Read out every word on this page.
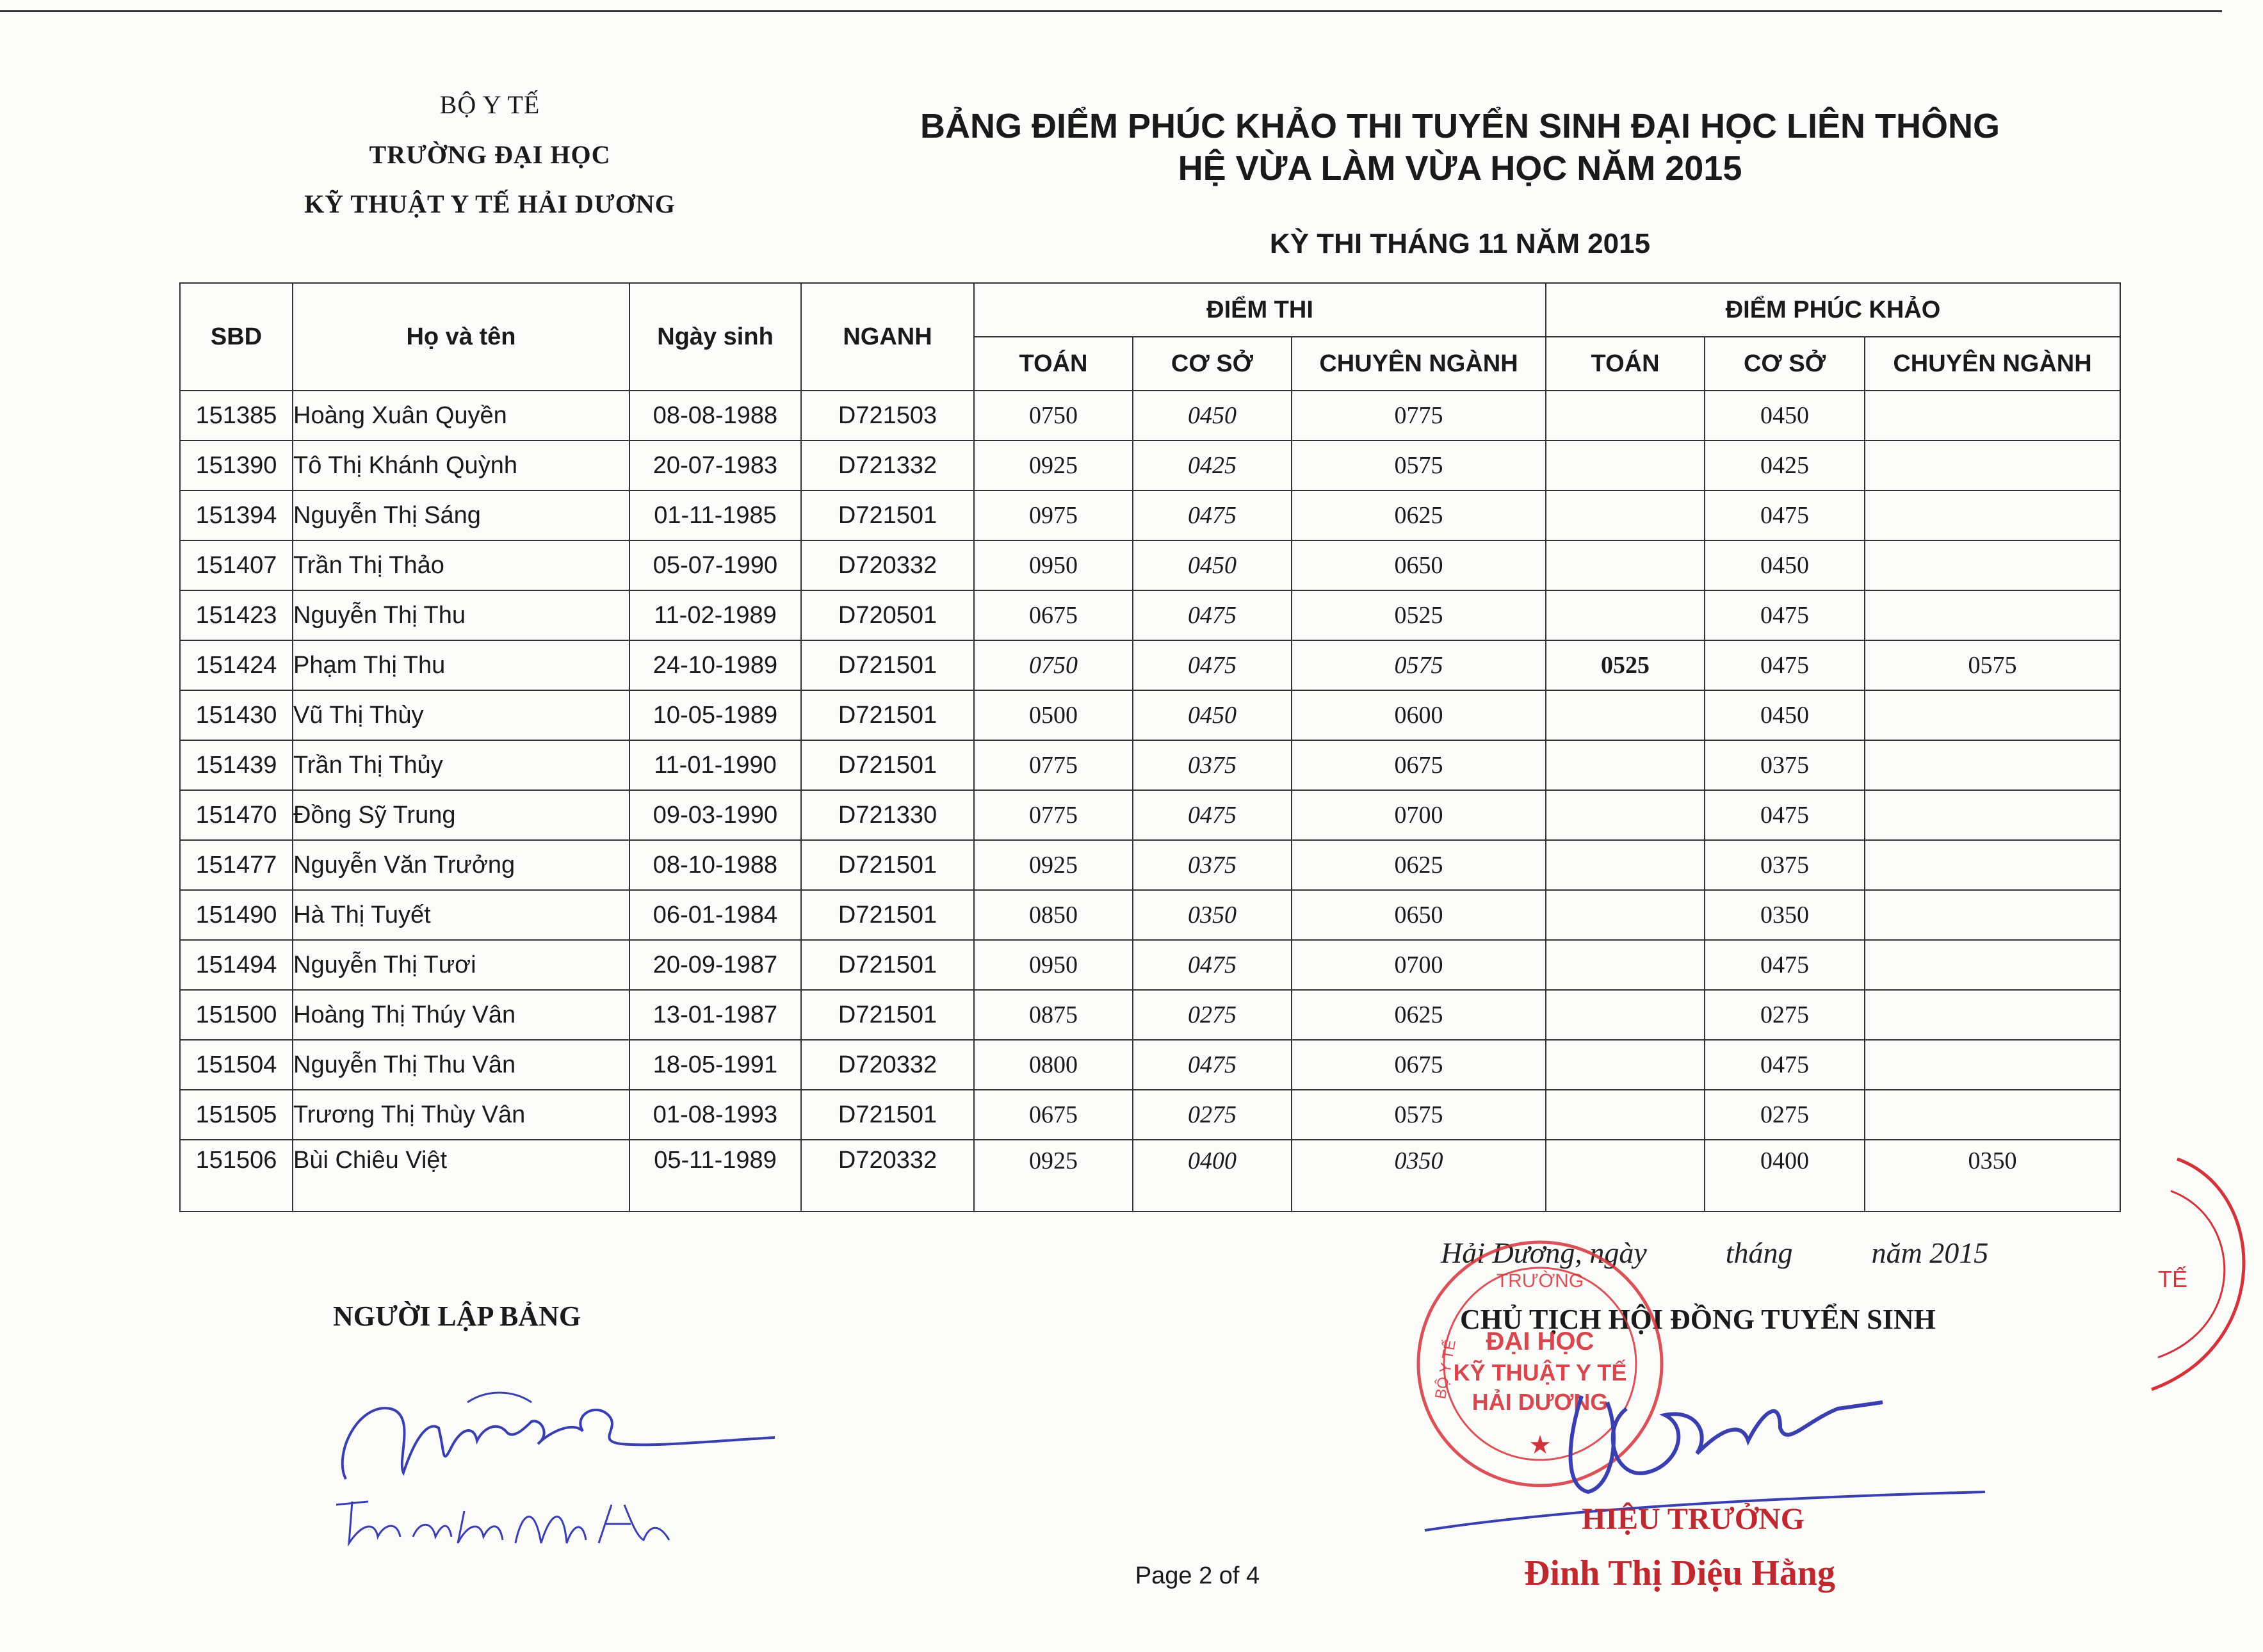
BỘ Y TẾ
TRƯỜNG ĐẠI HỌC
KỸ THUẬT Y TẾ HẢI DƯƠNG
BẢNG ĐIỂM PHÚC KHẢO THI TUYỂN SINH ĐẠI HỌC LIÊN THÔNG
HỆ VỪA LÀM VỪA HỌC NĂM 2015
KỲ THI THÁNG 11 NĂM 2015
SBD	Họ và tên	Ngày sinh	NGANH	ĐIỂM THI			ĐIỂM PHÚC KHẢO		
				TOÁN	CƠ SỞ	CHUYÊN NGÀNH	TOÁN	CƠ SỞ	CHUYÊN NGÀNH
151385	Hoàng Xuân Quyền	08-08-1988	D721503	0750	0450	0775		0450	
151390	Tô Thị Khánh Quỳnh	20-07-1983	D721332	0925	0425	0575		0425	
151394	Nguyễn Thị Sáng	01-11-1985	D721501	0975	0475	0625		0475	
151407	Trần Thị Thảo	05-07-1990	D720332	0950	0450	0650		0450	
151423	Nguyễn Thị Thu	11-02-1989	D720501	0675	0475	0525		0475	
151424	Phạm Thị Thu	24-10-1989	D721501	0750	0475	0575	0525	0475	0575
151430	Vũ Thị Thùy	10-05-1989	D721501	0500	0450	0600		0450	
151439	Trần Thị Thủy	11-01-1990	D721501	0775	0375	0675		0375	
151470	Đồng Sỹ Trung	09-03-1990	D721330	0775	0475	0700		0475	
151477	Nguyễn Văn Trưởng	08-10-1988	D721501	0925	0375	0625		0375	
151490	Hà Thị Tuyết	06-01-1984	D721501	0850	0350	0650		0350	
151494	Nguyễn Thị Tươi	20-09-1987	D721501	0950	0475	0700		0475	
151500	Hoàng Thị Thúy Vân	13-01-1987	D721501	0875	0275	0625		0275	
151504	Nguyễn Thị Thu Vân	18-05-1991	D720332	0800	0475	0675		0475	
151505	Trương Thị Thùy Vân	01-08-1993	D721501	0675	0275	0575		0275	
151506	Bùi Chiêu Việt	05-11-1989	D720332	0925	0400	0350		0400	0350
NGƯỜI LẬP BẢNG
Hải Dương, ngày	tháng	năm 2015
CHỦ TỊCH HỘI ĐỒNG TUYỂN SINH
TRƯỜNG
ĐẠI HỌC
KỸ THUẬT Y TẾ
HẢI DƯƠNG
BỘ Y TẾ
★
HIỆU TRƯỞNG
Đinh Thị Diệu Hằng
TẾ
Page 2 of 4
